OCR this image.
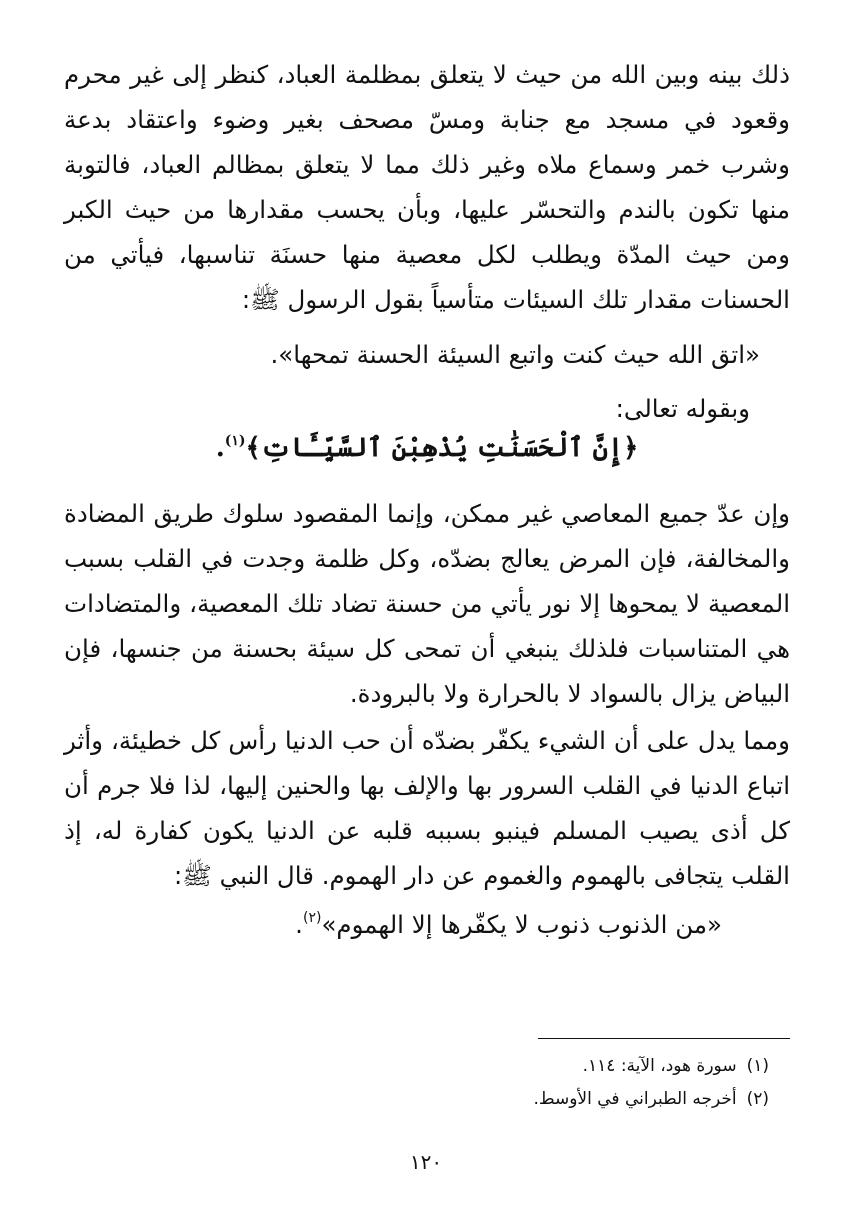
ذلك بينه وبين الله من حيث لا يتعلق بمظلمة العباد، كنظر إلى غير محرم وقعود في مسجد مع جنابة ومسّ مصحف بغير وضوء واعتقاد بدعة وشرب خمر وسماع ملاه وغير ذلك مما لا يتعلق بمظالم العباد، فالتوبة منها تكون بالندم والتحسّر عليها، وبأن يحسب مقدارها من حيث الكبر ومن حيث المدّة ويطلب لكل معصية منها حسنَة تناسبها، فيأتي من الحسنات مقدار تلك السيئات متأسياً بقول الرسول ﷺ:

«اتق الله حيث كنت واتبع السيئة الحسنة تمحها».

وبقوله تعالى:

﴿إِنَّ ٱلْحَسَنَٰتِ يُذْهِبْنَ ٱلسَّيِّـَٔاتِ﴾$^{(١)}$.

وإن عدّ جميع المعاصي غير ممكن، وإنما المقصود سلوك طريق المضادة والمخالفة، فإن المرض يعالج بضدّه، وكل ظلمة وجدت في القلب بسبب المعصية لا يمحوها إلا نور يأتي من حسنة تضاد تلك المعصية، والمتضادات هي المتناسبات فلذلك ينبغي أن تمحى كل سيئة بحسنة من جنسها، فإن البياض يزال بالسواد لا بالحرارة ولا بالبرودة.

ومما يدل على أن الشيء يكفّر بضدّه أن حب الدنيا رأس كل خطيئة، وأثر اتباع الدنيا في القلب السرور بها والإلف بها والحنين إليها، لذا فلا جرم أن كل أذى يصيب المسلم فينبو بسببه قلبه عن الدنيا يكون كفارة له، إذ القلب يتجافى بالهموم والغموم عن دار الهموم. قال النبي ﷺ:

«من الذنوب ذنوب لا يكفّرها إلا الهموم»$^{(٢)}$.

(١)سورة هود، الآية: ١١٤.

(٢)أخرجه الطبراني في الأوسط.

١٢٠
